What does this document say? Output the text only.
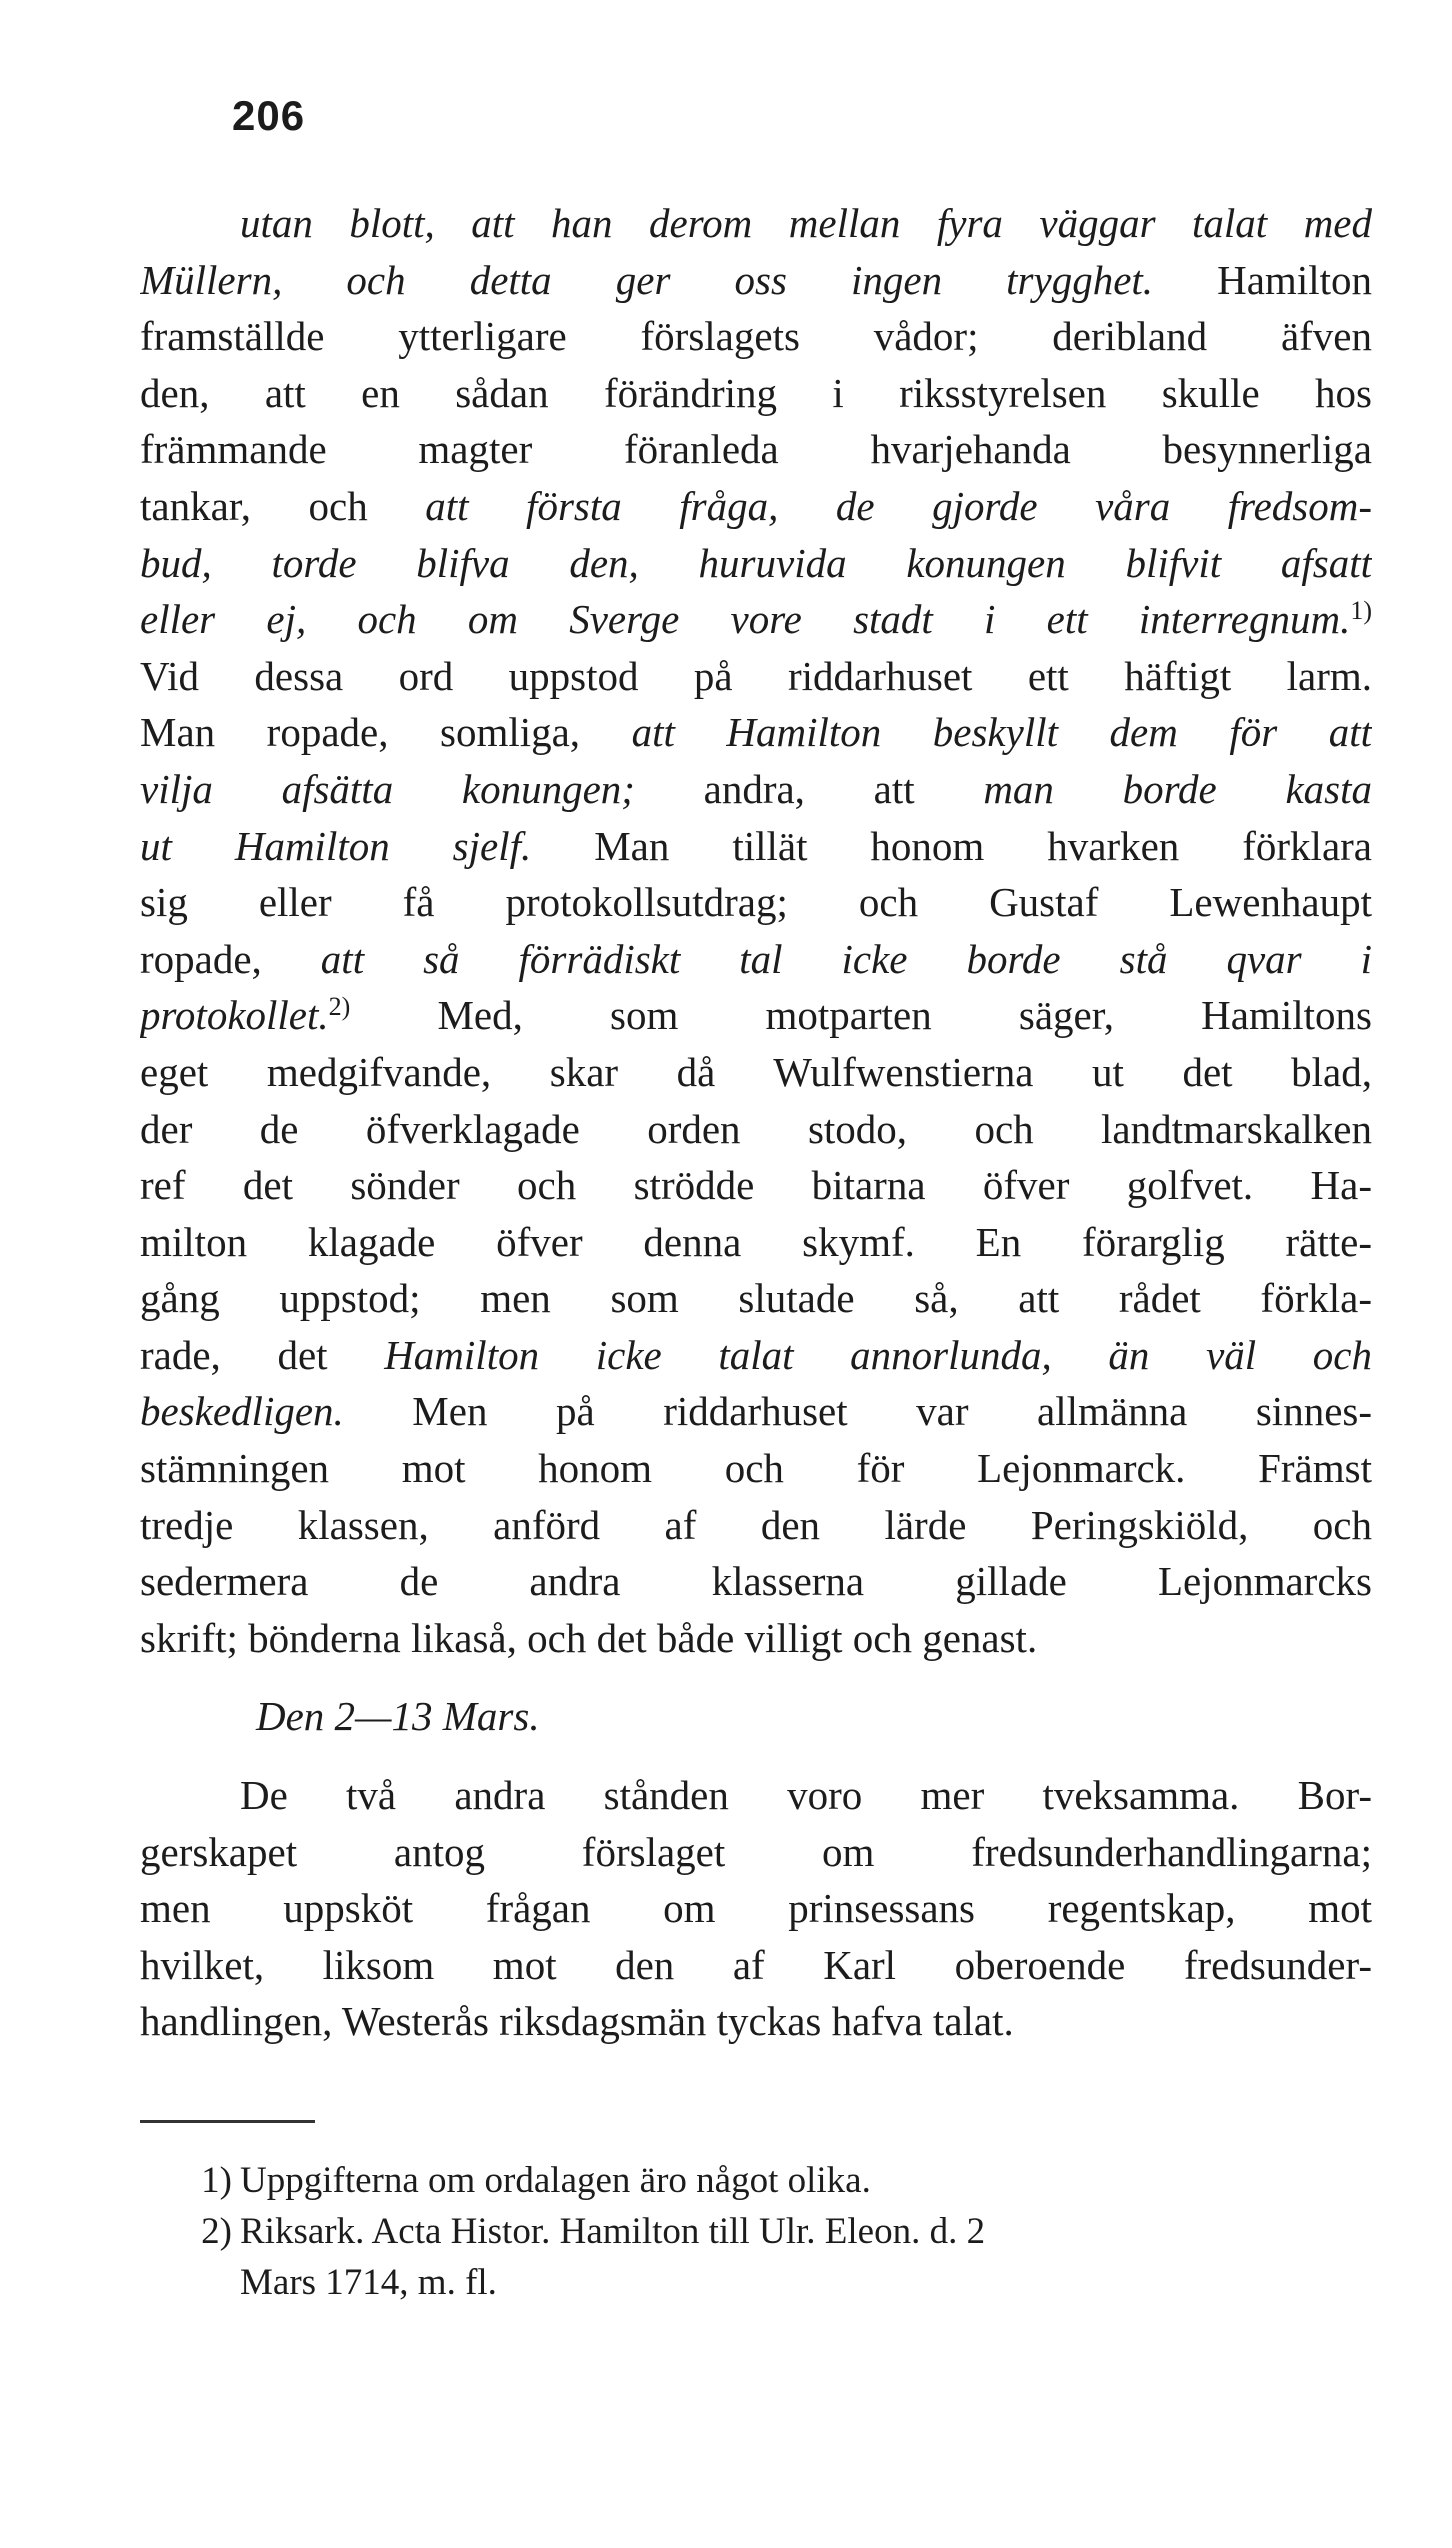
206
utan blott, att han derom mellan fyra väggar talat med
Müllern, och detta ger oss ingen trygghet. Hamilton
framställde ytterligare förslagets vådor; deribland äfven
den, att en sådan förändring i riksstyrelsen skulle hos
främmande magter föranleda hvarjehanda besynnerliga
tankar, och att första fråga, de gjorde våra fredsom-
bud, torde blifva den, huruvida konungen blifvit afsatt
eller ej, och om Sverge vore stadt i ett interregnum.$^{1)}$
Vid dessa ord uppstod på riddarhuset ett häftigt larm.
Man ropade, somliga, att Hamilton beskyllt dem för att
vilja afsätta konungen; andra, att man borde kasta
ut Hamilton sjelf. Man tillät honom hvarken förklara
sig eller få protokollsutdrag; och Gustaf Lewenhaupt
ropade, att så förrädiskt tal icke borde stå qvar i
protokollet.$^{2)}$ Med, som motparten säger, Hamiltons
eget medgifvande, skar då Wulfwenstierna ut det blad,
der de öfverklagade orden stodo, och landtmarskalken
ref det sönder och strödde bitarna öfver golfvet. Ha-
milton klagade öfver denna skymf. En förarglig rätte-
gång uppstod; men som slutade så, att rådet förkla-
rade, det Hamilton icke talat annorlunda, än väl och
beskedligen. Men på riddarhuset var allmänna sinnes-
stämningen mot honom och för Lejonmarck. Främst
tredje klassen, anförd af den lärde Peringskiöld, och
sedermera de andra klasserna gillade Lejonmarcks
skrift; bönderna likaså, och det både villigt och genast.
Den 2—13 Mars.
De två andra stånden voro mer tveksamma. Bor-
gerskapet antog förslaget om fredsunderhandlingarna;
men uppsköt frågan om prinsessans regentskap, mot
hvilket, liksom mot den af Karl oberoende fredsunder-
handlingen, Westerås riksdagsmän tyckas hafva talat.
1) Uppgifterna om ordalagen äro något olika.
2) Riksark. Acta Histor. Hamilton till Ulr. Eleon. d. 2
Mars 1714, m. fl.
